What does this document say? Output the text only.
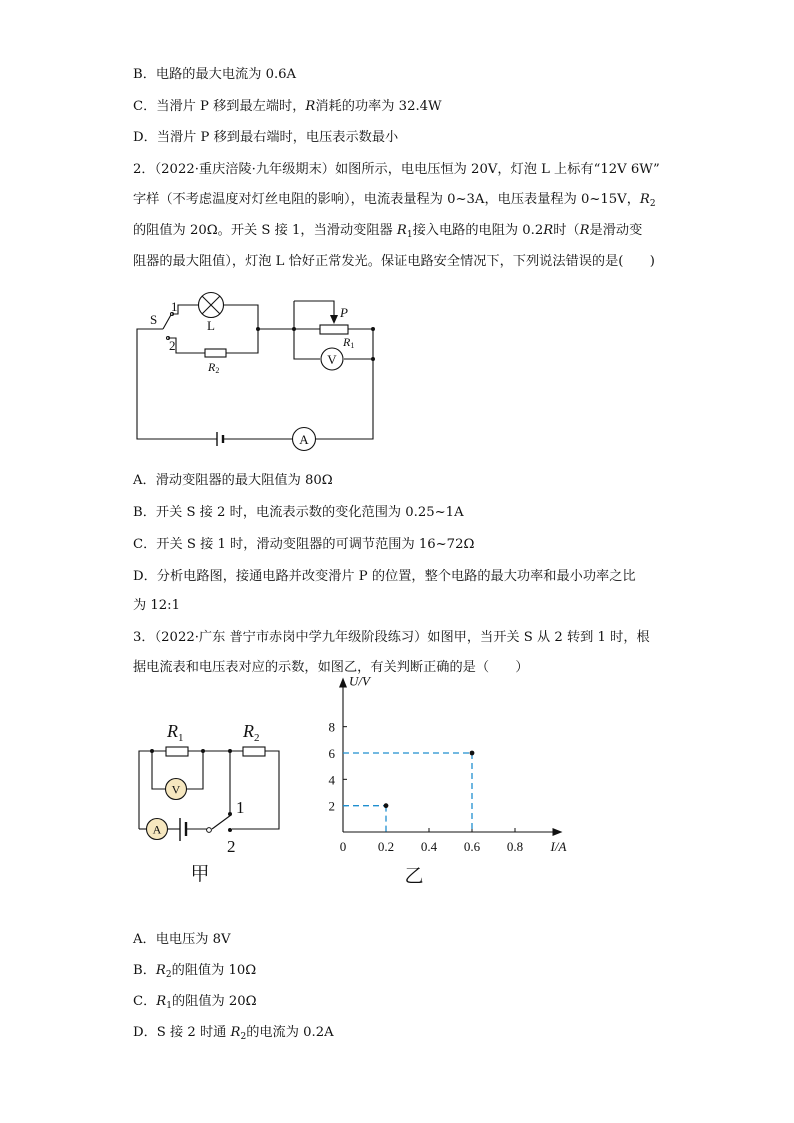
B．电路的最大电流为 0.6A
C．当滑片 P 移到最左端时，R消耗的功率为 32.4W
D．当滑片 P 移到最右端时，电压表示数最小
2．（2022·重庆涪陵·九年级期末）如图所示，电电压恒为 20V，灯泡 L 上标有“12V 6W”
字样（不考虑温度对灯丝电阻的影响），电流表量程为 0~3A，电压表量程为 0~15V，$R_2$
的阻值为 20Ω。开关 S 接 1，当滑动变阻器 $R_1$接入电路的电阻为 0.2R时（R是滑动变
阻器的最大阻值），灯泡 L 恰好正常发光。保证电路安全情况下，下列说法错误的是(　　)
V
A
S
1
2
L
P
R1
R2
A．滑动变阻器的最大阻值为 80Ω
B．开关 S 接 2 时，电流表示数的变化范围为 0.25~1A
C．开关 S 接 1 时，滑动变阻器的可调节范围为 16~72Ω
D．分析电路图，接通电路并改变滑片 P 的位置，整个电路的最大功率和最小功率之比
为 12:1
3．（2022·广东 普宁市赤岗中学九年级阶段练习）如图甲，当开关 S 从 2 转到 1 时，根
据电流表和电压表对应的示数，如图乙，有关判断正确的是（　　）
V
A
$R_1$	$R_2$
1
2
甲
0 0.2 0.4 0.6 0.8
2
4
6
8
I/A
U/V
乙
A．电电压为 8V
B．$R_2$的阻值为 10Ω
C．$R_1$的阻值为 20Ω
D．S 接 2 时通 $R_2$的电流为 0.2A
